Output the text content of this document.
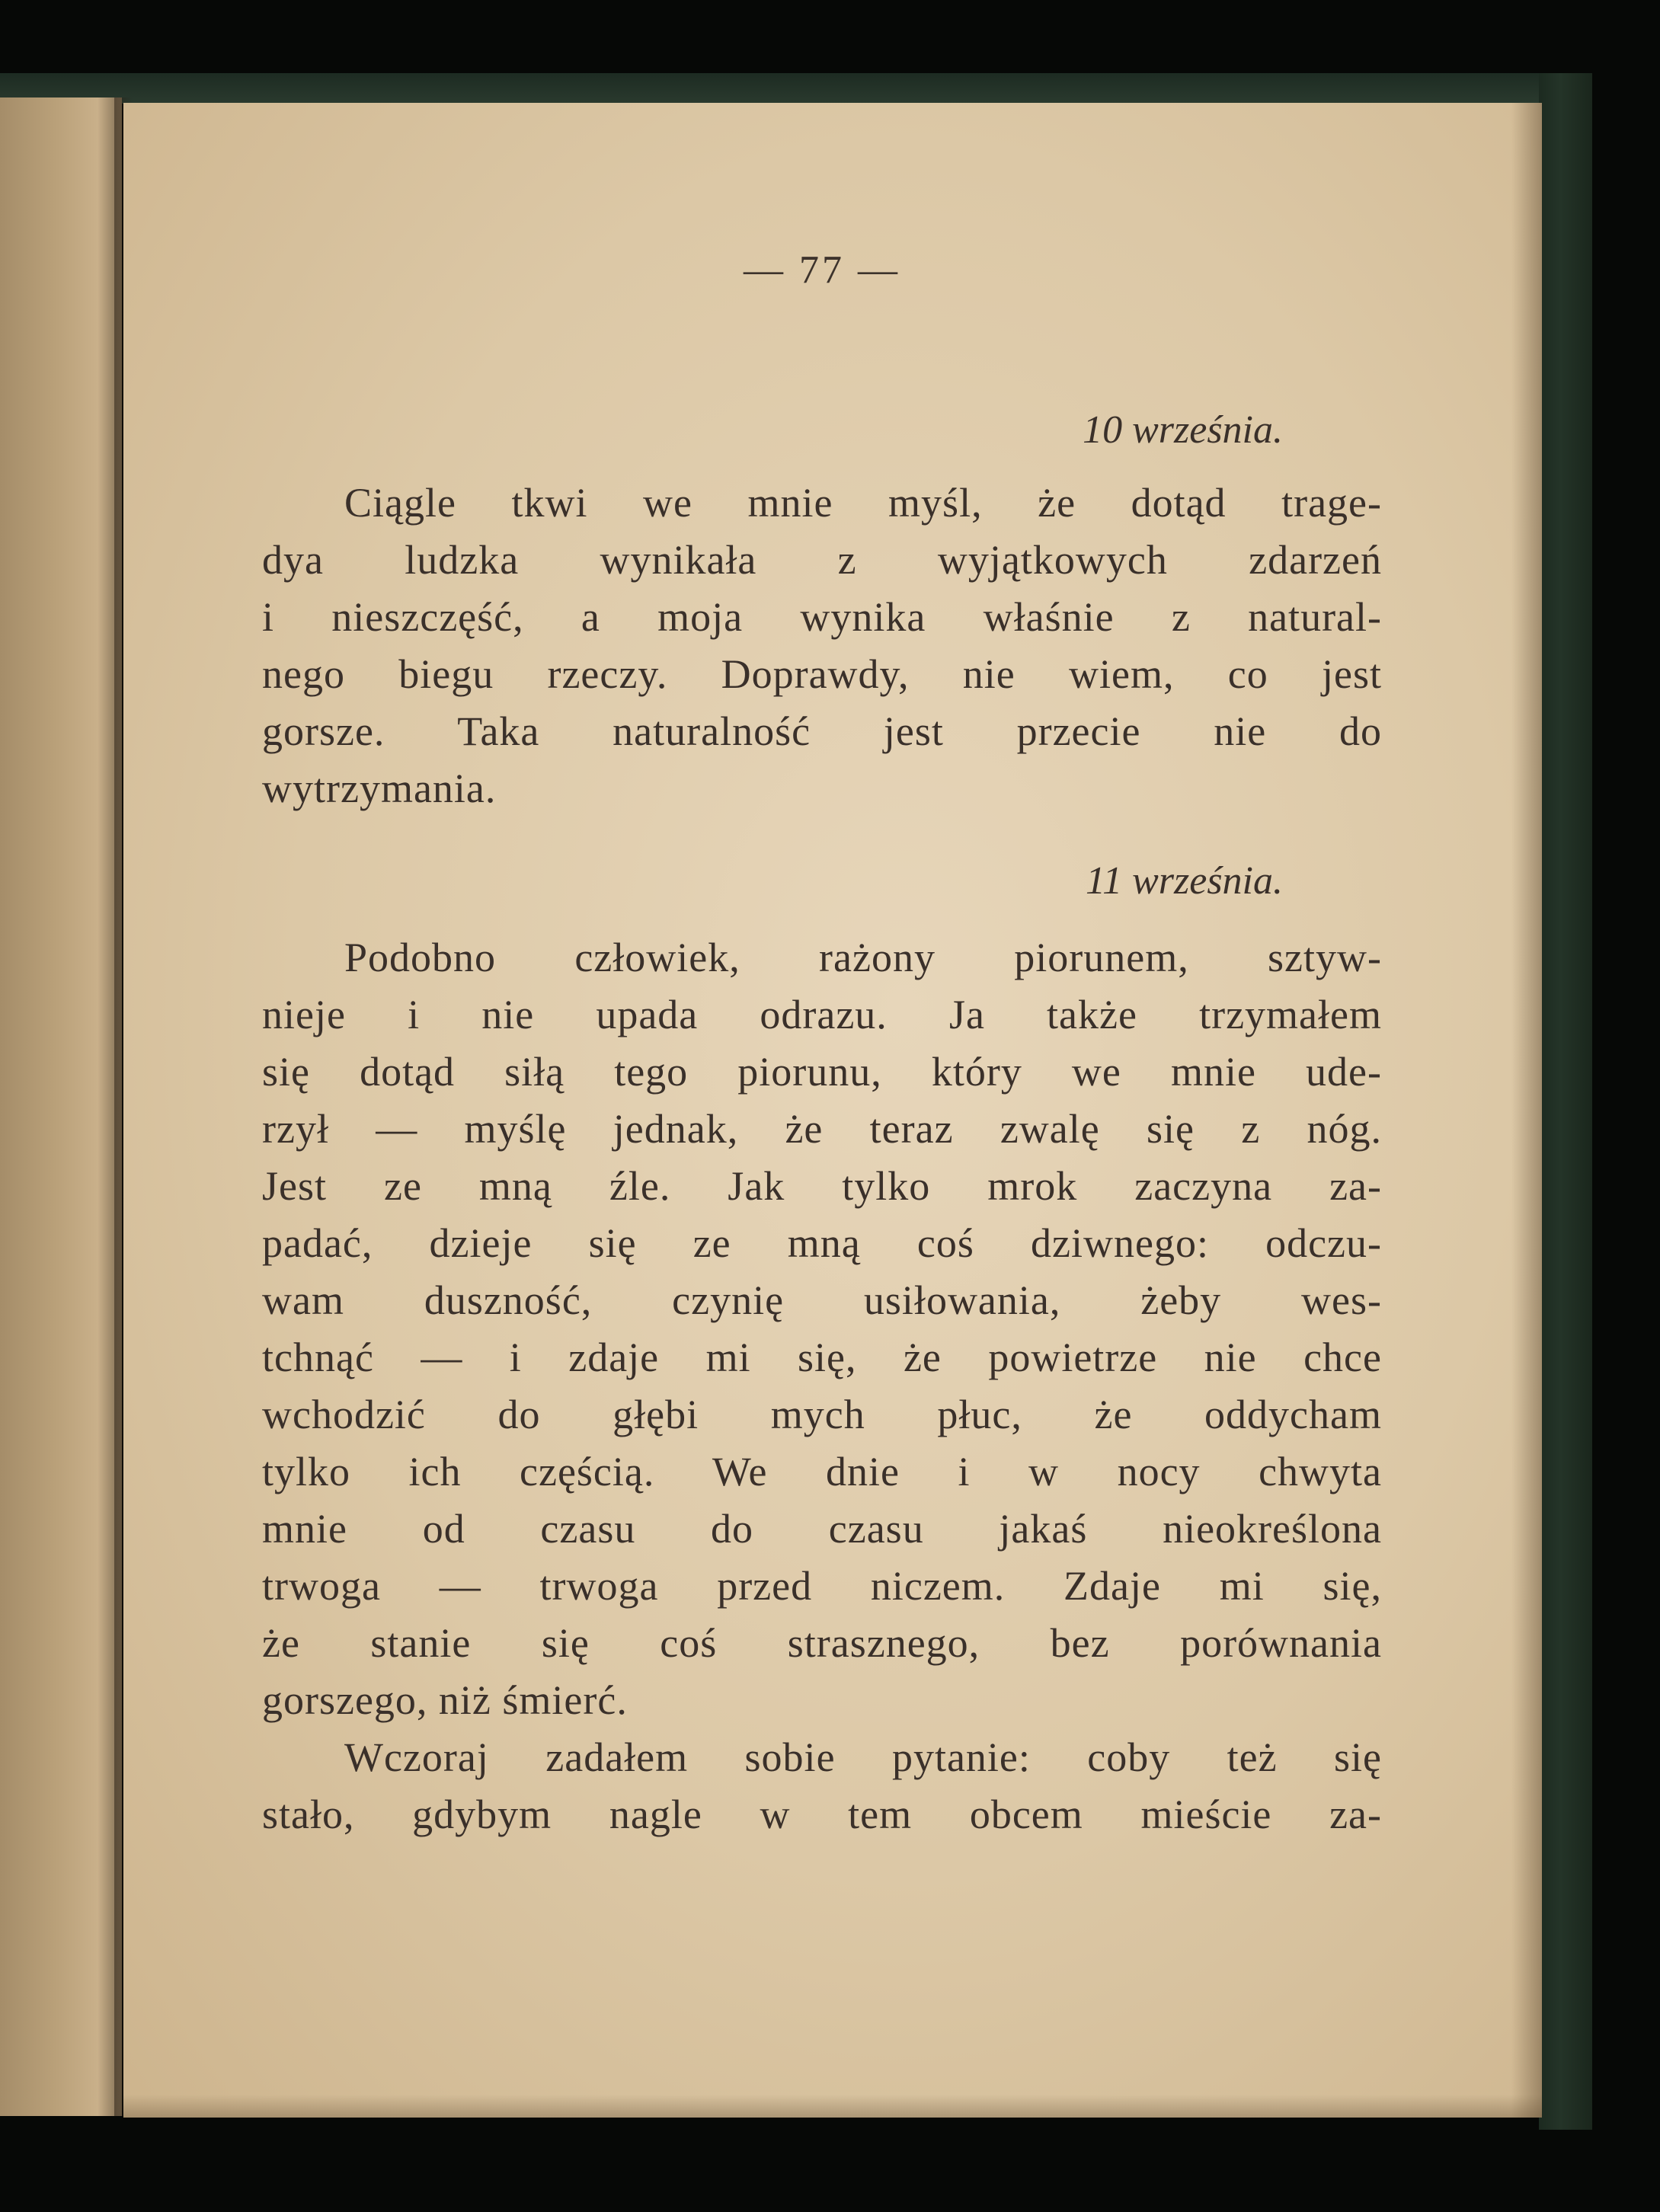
— 77 —
10 września.
Ciągle tkwi we mnie myśl, że dotąd trage-
dya ludzka wynikała z wyjątkowych zdarzeń
i nieszczęść, a moja wynika właśnie z natural-
nego biegu rzeczy. Doprawdy, nie wiem, co jest
gorsze. Taka naturalność jest przecie nie do
wytrzymania.
11 września.
Podobno człowiek, rażony piorunem, sztyw-
nieje i nie upada odrazu. Ja także trzymałem
się dotąd siłą tego piorunu, który we mnie ude-
rzył — myślę jednak, że teraz zwalę się z nóg.
Jest ze mną źle. Jak tylko mrok zaczyna za-
padać, dzieje się ze mną coś dziwnego: odczu-
wam duszność, czynię usiłowania, żeby wes-
tchnąć — i zdaje mi się, że powietrze nie chce
wchodzić do głębi mych płuc, że oddycham
tylko ich częścią. We dnie i w nocy chwyta
mnie od czasu do czasu jakaś nieokreślona
trwoga — trwoga przed niczem. Zdaje mi się,
że stanie się coś strasznego, bez porównania
gorszego, niż śmierć.
Wczoraj zadałem sobie pytanie: coby też się
stało, gdybym nagle w tem obcem mieście za-
